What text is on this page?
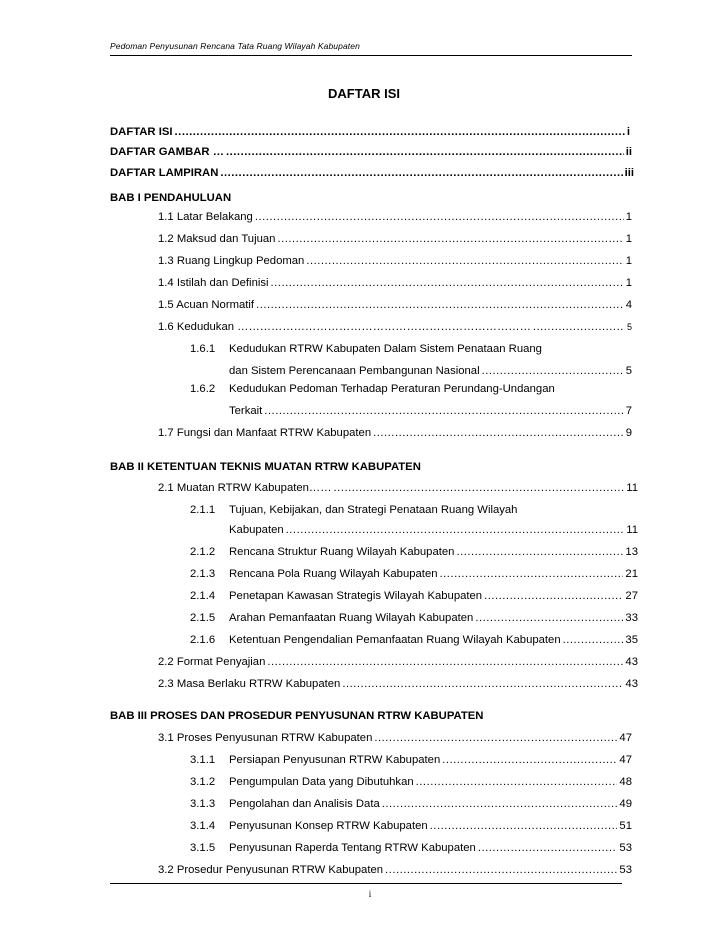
Pedoman Penyusunan Rencana Tata Ruang Wilayah Kabupaten
DAFTAR ISI
DAFTAR ISI .....	i
DAFTAR GAMBAR … .....	ii
DAFTAR LAMPIRAN .....	iii
BAB I PENDAHULUAN
1.1 Latar Belakang .....	1
1.2 Maksud dan Tujuan .....	1
1.3 Ruang Lingkup Pedoman .....	1
1.4 Istilah dan Definisi .....	1
1.5 Acuan Normatif .....	4
1.6 Kedudukan …………………………………………………………………… .....	5
1.6.1 Kedudukan RTRW Kabupaten Dalam Sistem Penataan Ruang
dan Sistem Perencanaan Pembangunan Nasional .....	5
1.6.2 Kedudukan Pedoman Terhadap Peraturan Perundang-Undangan
Terkait .....	7
1.7 Fungsi dan Manfaat RTRW Kabupaten .....	9
BAB II KETENTUAN TEKNIS MUATAN RTRW KABUPATEN
2.1 Muatan RTRW Kabupaten…… .....	11
2.1.1 Tujuan, Kebijakan, dan Strategi Penataan Ruang Wilayah
Kabupaten .....	11
2.1.2 Rencana Struktur Ruang Wilayah Kabupaten .....	13
2.1.3 Rencana Pola Ruang Wilayah Kabupaten .....	21
2.1.4 Penetapan Kawasan Strategis Wilayah Kabupaten .....	27
2.1.5 Arahan Pemanfaatan Ruang Wilayah Kabupaten .....	33
2.1.6 Ketentuan Pengendalian Pemanfaatan Ruang Wilayah Kabupaten .....	35
2.2 Format Penyajian .....	43
2.3 Masa Berlaku RTRW Kabupaten .....	43
BAB III PROSES DAN PROSEDUR PENYUSUNAN RTRW KABUPATEN
3.1 Proses Penyusunan RTRW Kabupaten .....	47
3.1.1 Persiapan Penyusunan RTRW Kabupaten .....	47
3.1.2 Pengumpulan Data yang Dibutuhkan .....	48
3.1.3 Pengolahan dan Analisis Data .....	49
3.1.4 Penyusunan Konsep RTRW Kabupaten .....	51
3.1.5 Penyusunan Raperda Tentang RTRW Kabupaten .....	53
3.2 Prosedur Penyusunan RTRW Kabupaten .....	53
i
